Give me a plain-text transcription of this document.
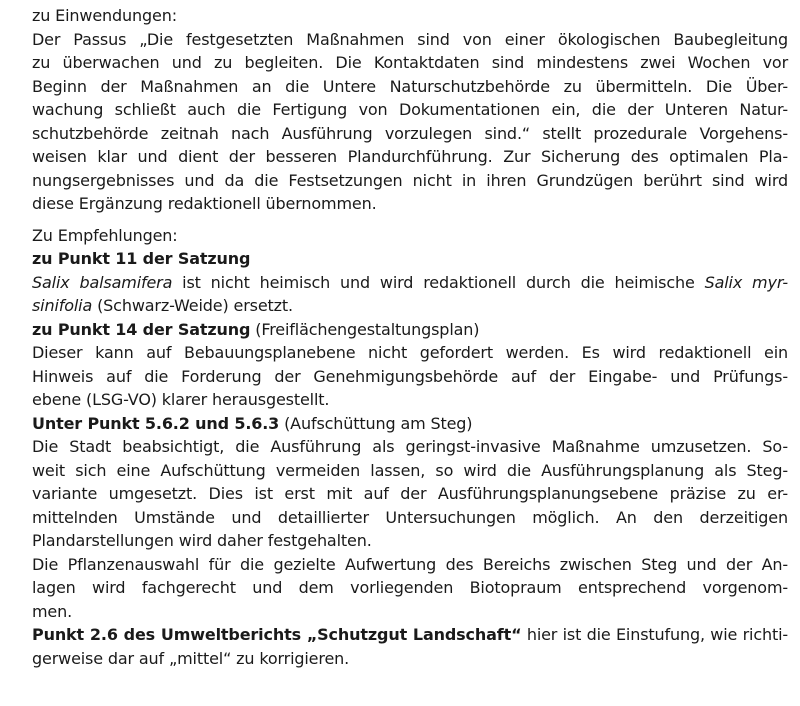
zu Einwendungen:
Der Passus „Die festgesetzten Maßnahmen sind von einer ökologischen Baubegleitung
zu überwachen und zu begleiten. Die Kontaktdaten sind mindestens zwei Wochen vor
Beginn der Maßnahmen an die Untere Naturschutzbehörde zu übermitteln. Die Über-
wachung schließt auch die Fertigung von Dokumentationen ein, die der Unteren Natur-
schutzbehörde zeitnah nach Ausführung vorzulegen sind.“ stellt prozedurale Vorgehens-
weisen klar und dient der besseren Plandurchführung. Zur Sicherung des optimalen Pla-
nungsergebnisses und da die Festsetzungen nicht in ihren Grundzügen berührt sind wird
diese Ergänzung redaktionell übernommen.
Zu Empfehlungen:
zu Punkt 11 der Satzung
Salix balsamifera ist nicht heimisch und wird redaktionell durch die heimische Salix myr-
sinifolia (Schwarz-Weide) ersetzt.
zu Punkt 14 der Satzung (Freiflächengestaltungsplan)
Dieser kann auf Bebauungsplanebene nicht gefordert werden. Es wird redaktionell ein
Hinweis auf die Forderung der Genehmigungsbehörde auf der Eingabe- und Prüfungs-
ebene (LSG-VO) klarer herausgestellt.
Unter Punkt 5.6.2 und 5.6.3 (Aufschüttung am Steg)
Die Stadt beabsichtigt, die Ausführung als geringst-invasive Maßnahme umzusetzen. So-
weit sich eine Aufschüttung vermeiden lassen, so wird die Ausführungsplanung als Steg-
variante umgesetzt. Dies ist erst mit auf der Ausführungsplanungsebene präzise zu er-
mittelnden Umstände und detaillierter Untersuchungen möglich. An den derzeitigen
Plandarstellungen wird daher festgehalten.
Die Pflanzenauswahl für die gezielte Aufwertung des Bereichs zwischen Steg und der An-
lagen wird fachgerecht und dem vorliegenden Biotopraum entsprechend vorgenom-
men.
Punkt 2.6 des Umweltberichts „Schutzgut Landschaft“ hier ist die Einstufung, wie richti-
gerweise dar auf „mittel“ zu korrigieren.
